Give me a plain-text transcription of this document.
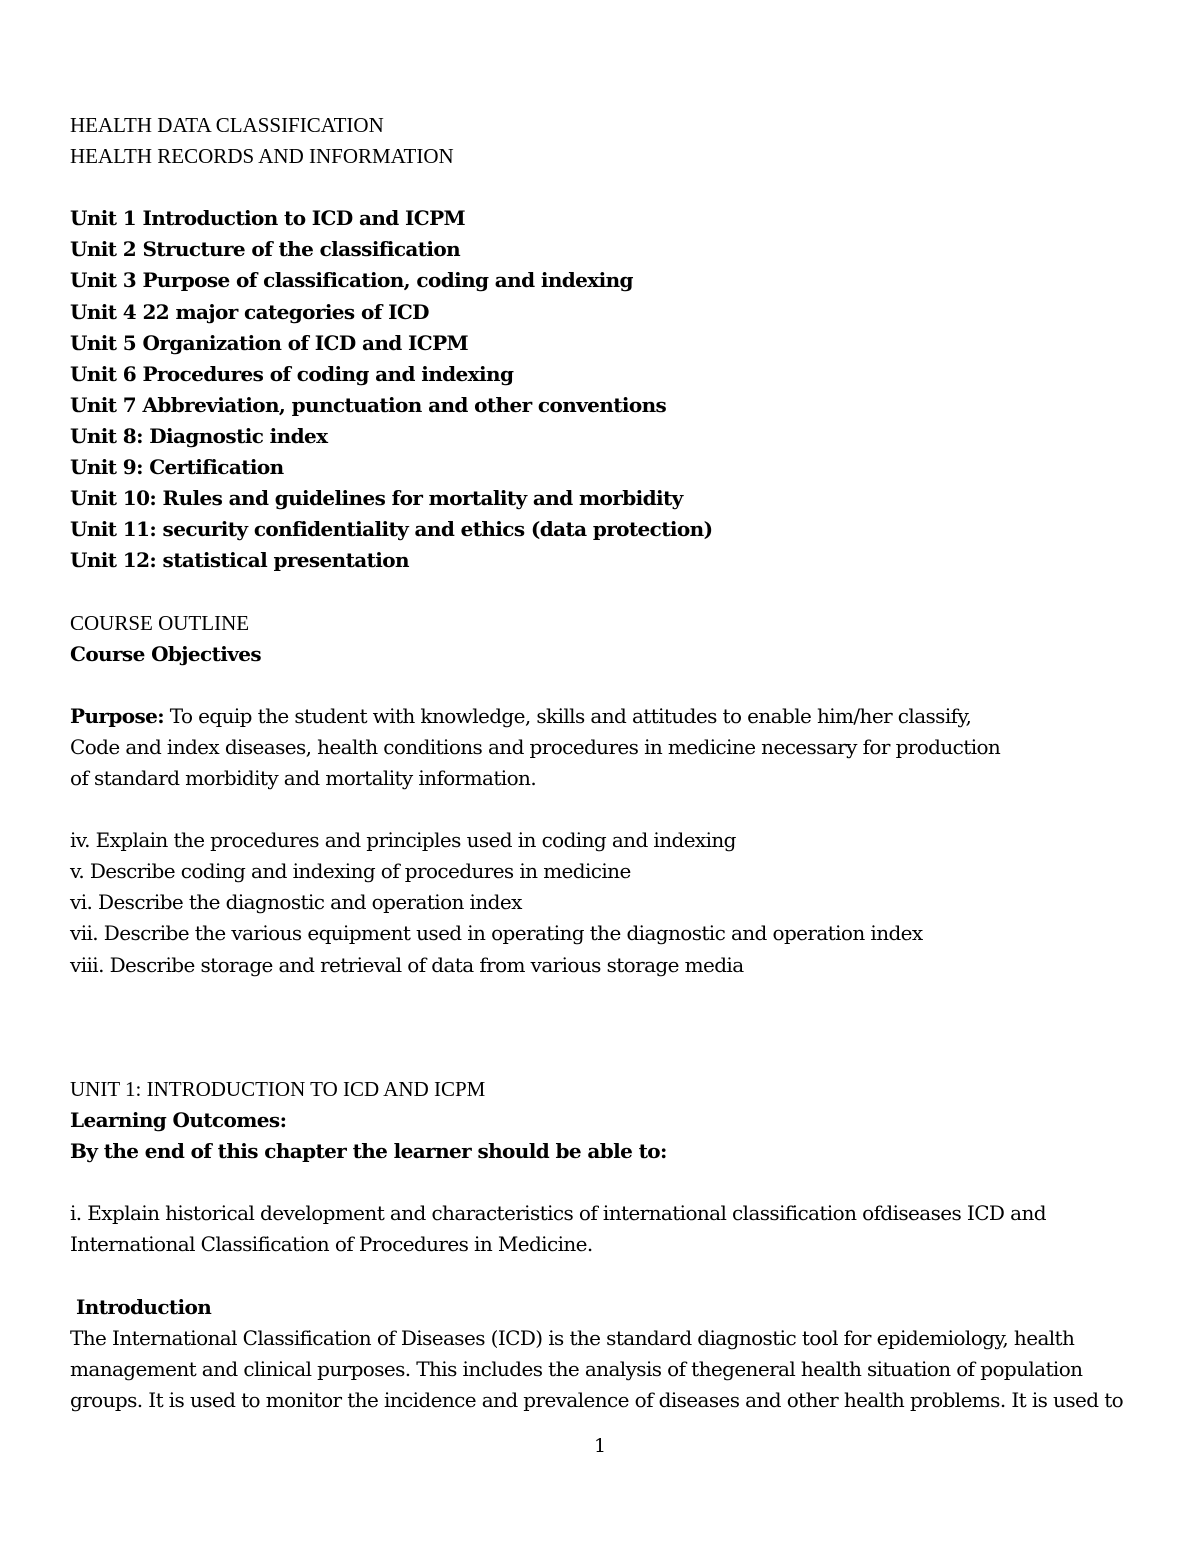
HEALTH DATA CLASSIFICATION

HEALTH RECORDS AND INFORMATION

Unit 1 Introduction to ICD and ICPM

Unit 2 Structure of the classification

Unit 3 Purpose of classification, coding and indexing

Unit 4 22 major categories of ICD

Unit 5 Organization of ICD and ICPM

Unit 6 Procedures of coding and indexing

Unit 7 Abbreviation, punctuation and other conventions

Unit 8: Diagnostic index

Unit 9: Certification

Unit 10: Rules and guidelines for mortality and morbidity

Unit 11: security confidentiality and ethics (data protection)

Unit 12: statistical presentation

COURSE OUTLINE

Course Objectives

Purpose: To equip the student with knowledge, skills and attitudes to enable him/her classify,

Code and index diseases, health conditions and procedures in medicine necessary for production

of standard morbidity and mortality information.

iv. Explain the procedures and principles used in coding and indexing

v. Describe coding and indexing of procedures in medicine

vi. Describe the diagnostic and operation index

vii. Describe the various equipment used in operating the diagnostic and operation index

viii. Describe storage and retrieval of data from various storage media

UNIT 1: INTRODUCTION TO ICD AND ICPM

Learning Outcomes:

By the end of this chapter the learner should be able to:

i. Explain historical development and characteristics of international classification ofdiseases ICD and

International Classification of Procedures in Medicine.

Introduction

The International Classification of Diseases (ICD) is the standard diagnostic tool for epidemiology, health

management and clinical purposes. This includes the analysis of thegeneral health situation of population

groups. It is used to monitor the incidence and prevalence of diseases and other health problems. It is used to

1
